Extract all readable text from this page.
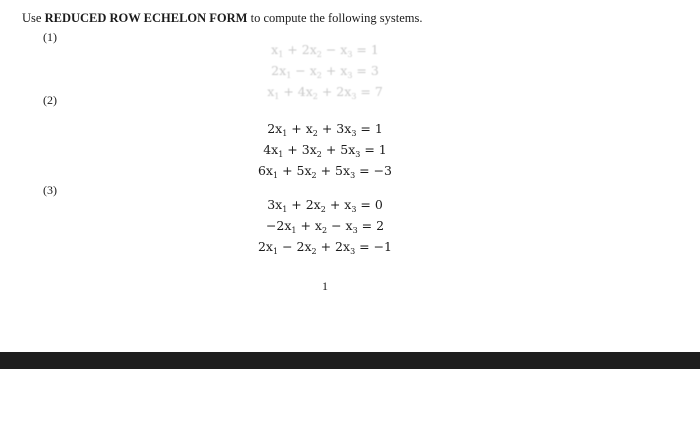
Use REDUCED ROW ECHELON FORM to compute the following systems.
(1)
$x_1 + 2x_2 - x_3 = 1$
$2x_1 - x_2 + x_3 = 3$
$x_1 + 4x_2 + 2x_3 = 7$
(2)
$2x_1 + x_2 + 3x_3 = 1$
$4x_1 + 3x_2 + 5x_3 = 1$
$6x_1 + 5x_2 + 5x_3 = -3$
(3)
$3x_1 + 2x_2 + x_3 = 0$
$-2x_1 + x_2 - x_3 = 2$
$2x_1 - 2x_2 + 2x_3 = -1$
1
